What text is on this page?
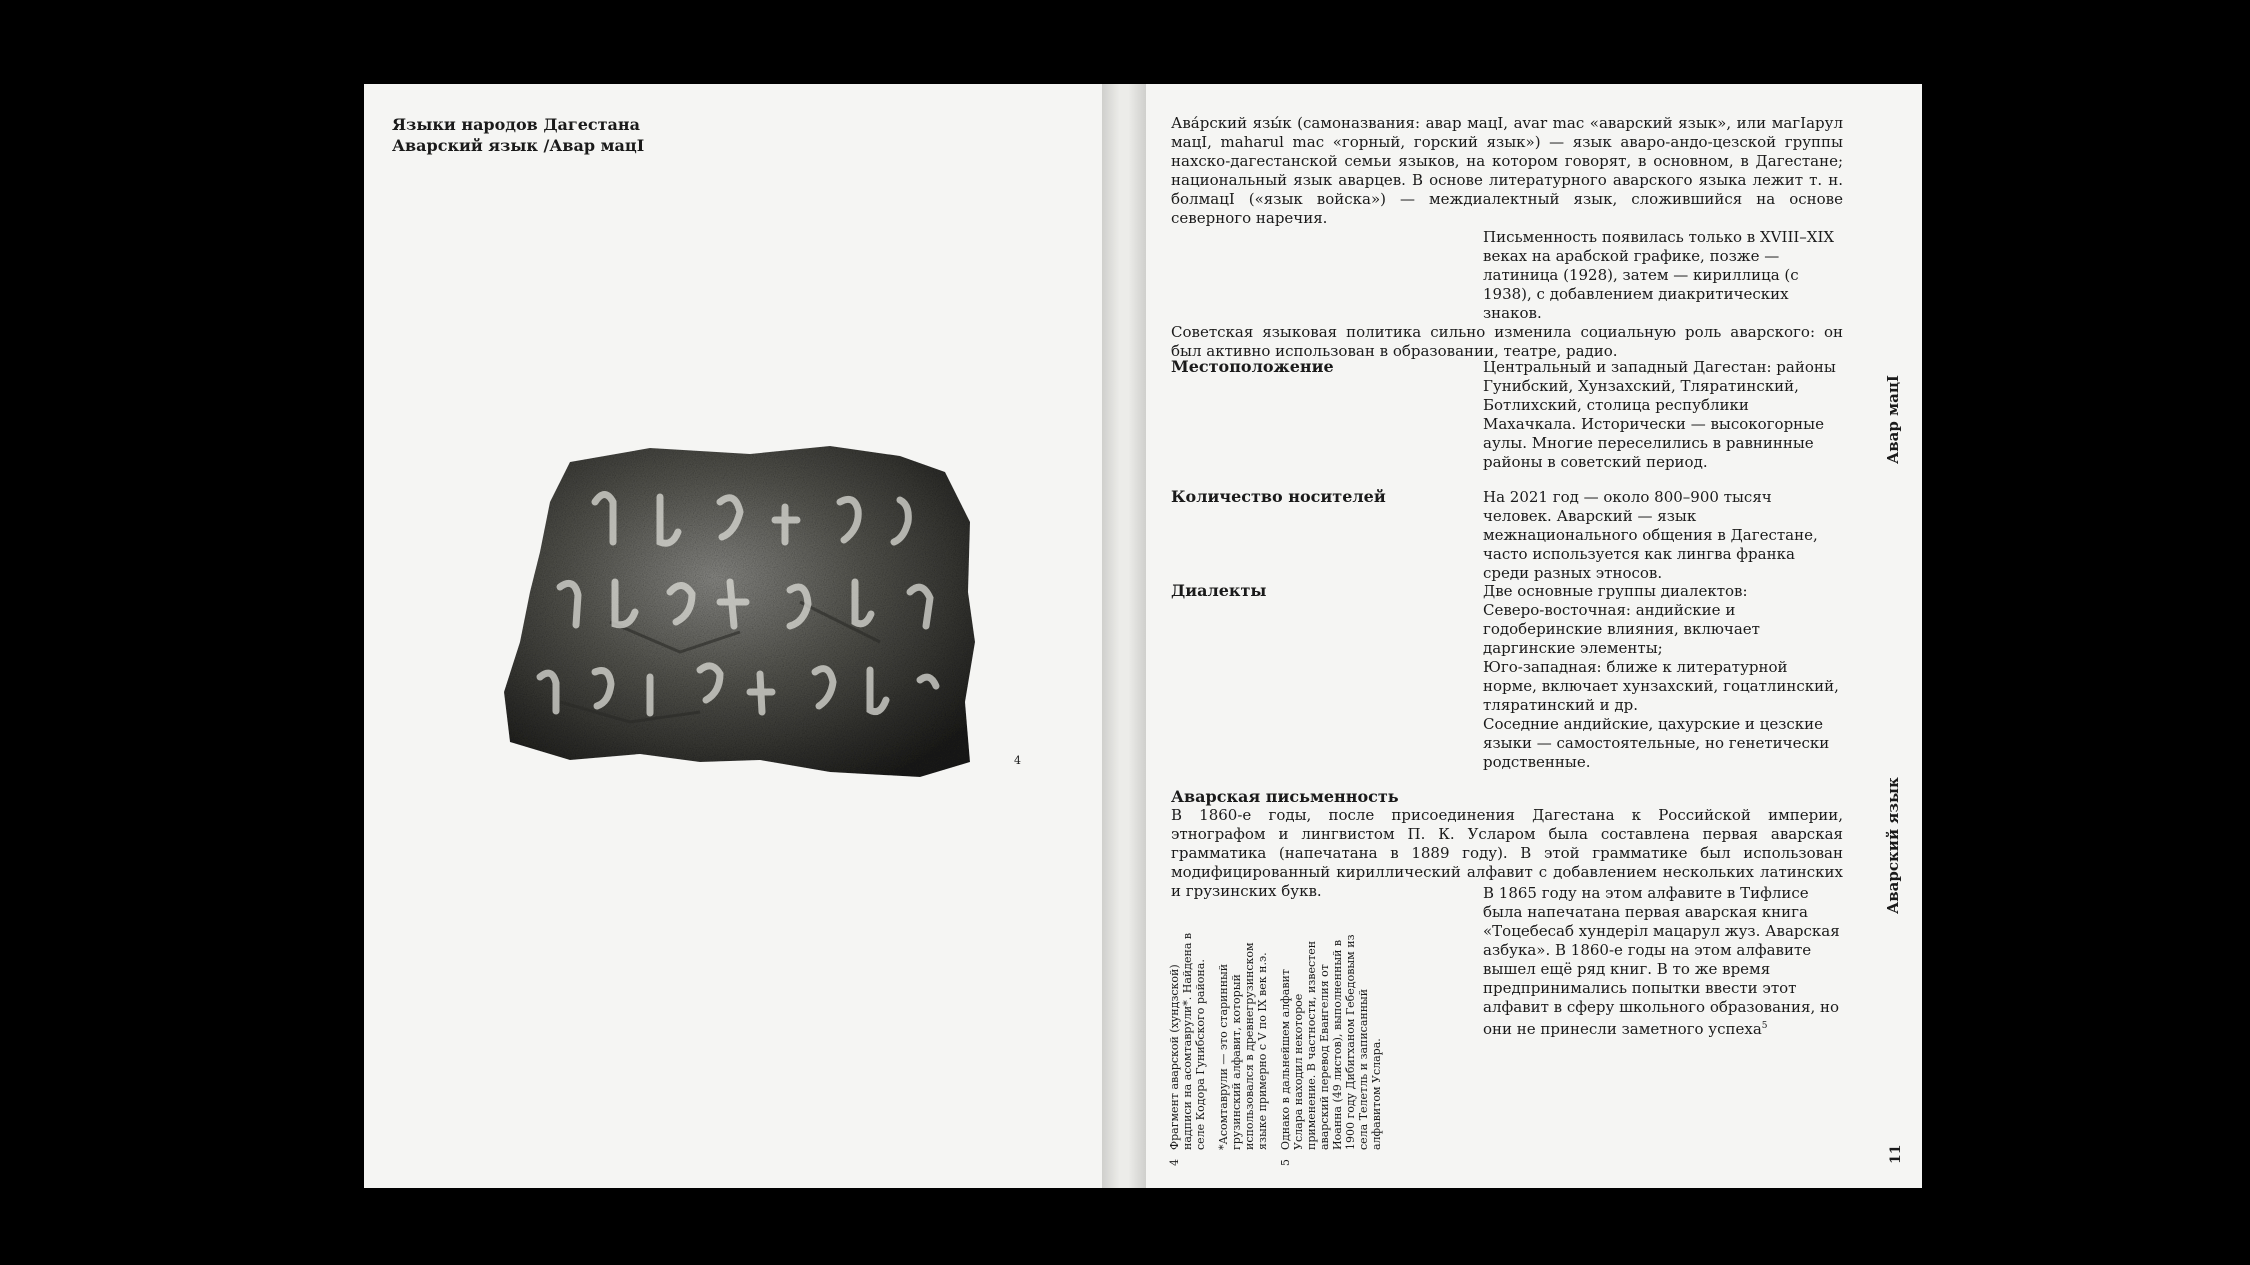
Языки народов Дагестана
Аварский язык /Авар мацI
4

Ава́рский язы́к (самоназвания: авар мацI, avar mac «аварский язык», или магIарул мацI, maharul mac «горный, горский язык») — язык аваро-андо-цезской группы нахско-дагестанской семьи языков, на котором говорят, в основном, в Дагестане; национальный язык аварцев. В основе литературного аварского языка лежит т. н. болмацI («язык войска») — междиалектный язык, сложившийся на основе северного наречия.

Письменность появилась только в XVIII–XIX веках на арабской графике, позже — латиница (1928), затем — кириллица (с 1938), с добавлением диакритических знаков.

Советская языковая политика сильно изменила социальную роль аварского: он был активно использован в образовании, театре, радио.

Местоположение	Центральный и западный Дагестан: районы Гунибский, Хунзахский, Тляратинский, Ботлихский, столица республики Махачкала. Исторически — высокогорные аулы. Многие переселились в равнинные районы в советский период.
Количество носителей	На 2021 год — около 800–900 тысяч человек. Аварский — язык межнационального общения в Дагестане, часто используется как лингва франка среди разных этносов.
Диалекты	Две основные группы диалектов:
Северо-восточная: андийские и годоберинские влияния, включает даргинские элементы;
Юго-западная: ближе к литературной норме, включает хунзахский, гоцатлинский, тляратинский и др.
Соседние андийские, цахурские и цезские языки — самостоятельные, но генетически родственные.
Аварская письменность
В 1860-е годы, после присоединения Дагестана к Российской империи, этнографом и лингвистом П. К. Усларом была составлена первая аварская грамматика (напечатана в 1889 году). В этой грамматике был использован модифицированный кириллический алфавит с добавлением нескольких латинских и грузинских букв.	В 1865 году на этом алфавите в Тифлисе была напечатана первая аварская книга «Тоцебесаб хундерiл мацаpул жуз. Аварская азбука». В 1860-е годы на этом алфавите вышел ещё ряд книг. В то же время предпринимались попытки ввести этот алфавит в сферу школьного образования, но они не принесли заметного успеха$^5$
4
Фрагмент аварской (хундзской) надписи на асомтаврули*. Найдена в селе Кодора Гунибского района. *Асомтаврули — это старинный грузинский алфавит, который использовался в древнегрузинском языке примерно с V по IX век н.э.
5
Однако в дальнейшем алфавит Услара находил некоторое применение. В частности, известен аварский перевод Евангелия от Иоанна (49 листов), выполненный в 1900 году Дибиrханом Гебедовым из села Телетль и записанный алфавитом Услара.
Авар мацI
Аварский язык
11
